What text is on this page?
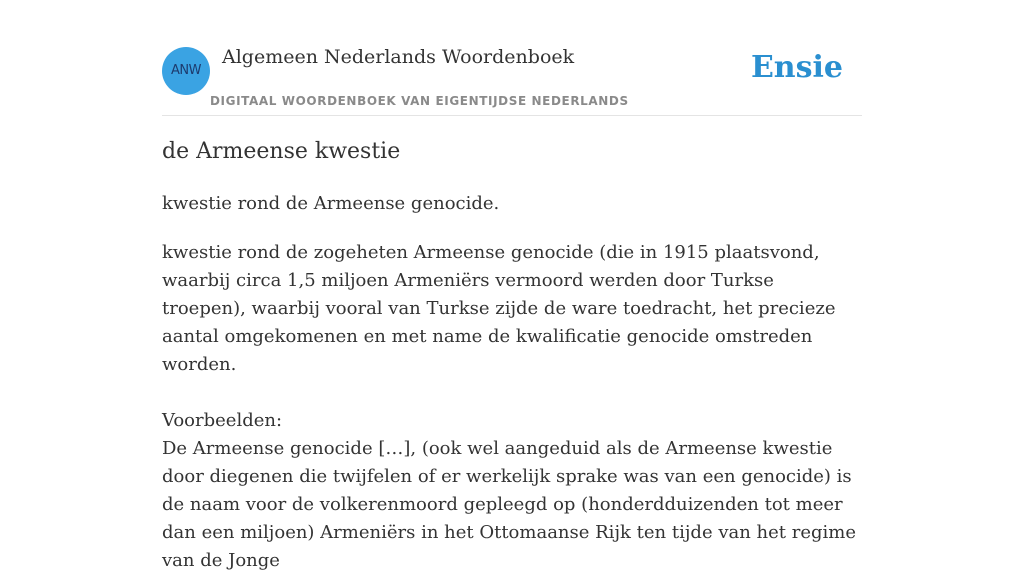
ANW
Algemeen Nederlands Woordenboek
DIGITAAL WOORDENBOEK VAN EIGENTIJDSE NEDERLANDS
Ensie
de Armeense kwestie
kwestie rond de Armeense genocide.

kwestie rond de zogeheten Armeense genocide (die in 1915 plaatsvond, waarbij circa 1,5 miljoen Armeniërs vermoord werden door Turkse troepen), waarbij vooral van Turkse zijde de ware toedracht, het precieze aantal omgekomenen en met name de kwalificatie genocide omstreden worden.

Voorbeelden:

De Armeense genocide […], (ook wel aangeduid als de Armeense kwestie door diegenen die twijfelen of er werkelijk sprake was van een genocide) is de naam voor de volkerenmoord gepleegd op (honderdduizenden tot meer dan een miljoen) Armeniërs in het Ottomaanse Rijk ten tijde van het regime van de Jonge
